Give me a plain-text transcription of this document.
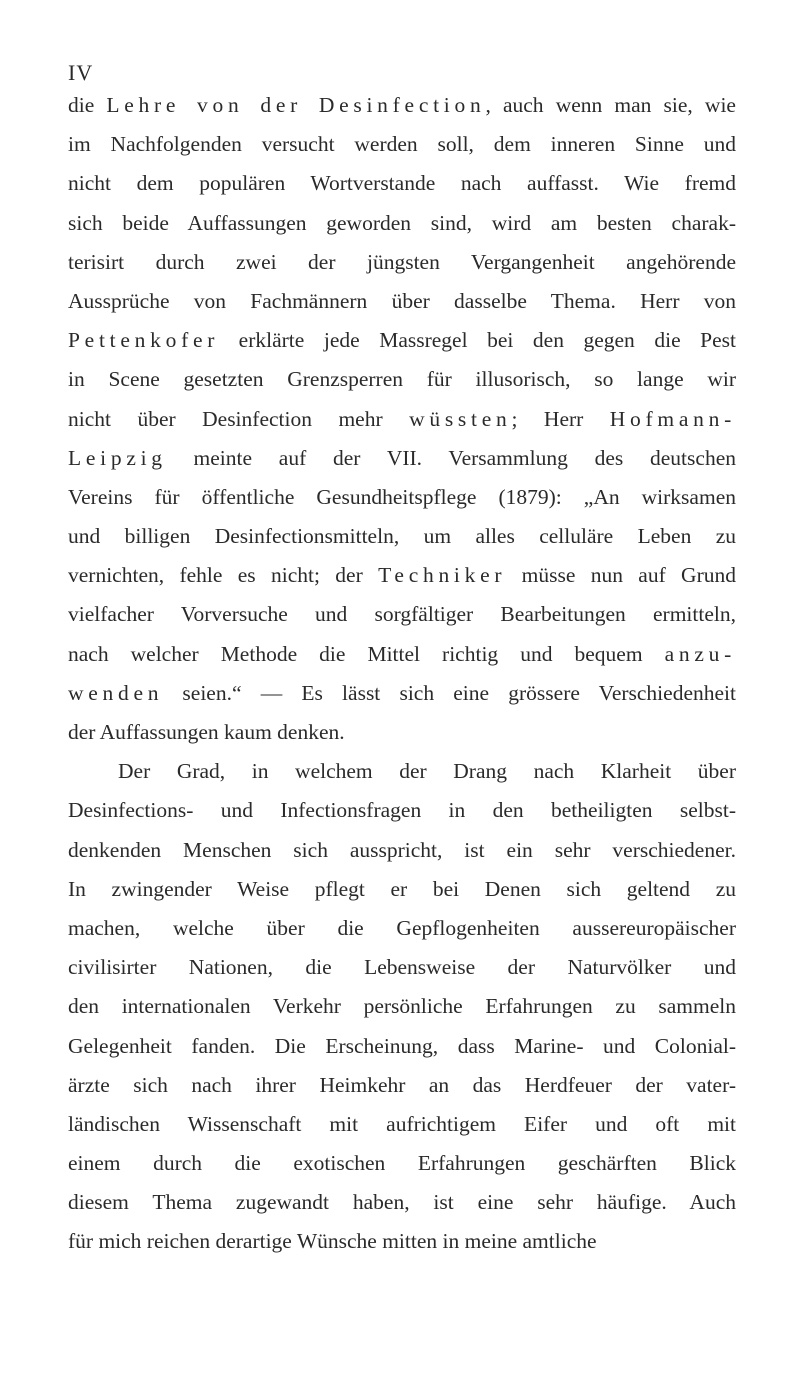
IV
die Lehre von der Desinfection, auch wenn man sie, wie
im Nachfolgenden versucht werden soll, dem inneren Sinne und
nicht dem populären Wortverstande nach auffasst. Wie fremd
sich beide Auffassungen geworden sind, wird am besten charak-
terisirt durch zwei der jüngsten Vergangenheit angehörende
Aussprüche von Fachmännern über dasselbe Thema. Herr von
Pettenkofer erklärte jede Massregel bei den gegen die Pest
in Scene gesetzten Grenzsperren für illusorisch, so lange wir
nicht über Desinfection mehr wüssten; Herr Hofmann-
Leipzig meinte auf der VII. Versammlung des deutschen
Vereins für öffentliche Gesundheitspflege (1879): „An wirksamen
und billigen Desinfectionsmitteln, um alles celluläre Leben zu
vernichten, fehle es nicht; der Techniker müsse nun auf Grund
vielfacher Vorversuche und sorgfältiger Bearbeitungen ermitteln,
nach welcher Methode die Mittel richtig und bequem anzu-
wenden seien.“ — Es lässt sich eine grössere Verschiedenheit
der Auffassungen kaum denken.
Der Grad, in welchem der Drang nach Klarheit über
Desinfections- und Infectionsfragen in den betheiligten selbst-
denkenden Menschen sich ausspricht, ist ein sehr verschiedener.
In zwingender Weise pflegt er bei Denen sich geltend zu
machen, welche über die Gepflogenheiten aussereuropäischer
civilisirter Nationen, die Lebensweise der Naturvölker und
den internationalen Verkehr persönliche Erfahrungen zu sammeln
Gelegenheit fanden. Die Erscheinung, dass Marine- und Colonial-
ärzte sich nach ihrer Heimkehr an das Herdfeuer der vater-
ländischen Wissenschaft mit aufrichtigem Eifer und oft mit
einem durch die exotischen Erfahrungen geschärften Blick
diesem Thema zugewandt haben, ist eine sehr häufige. Auch
für mich reichen derartige Wünsche mitten in meine amtliche
